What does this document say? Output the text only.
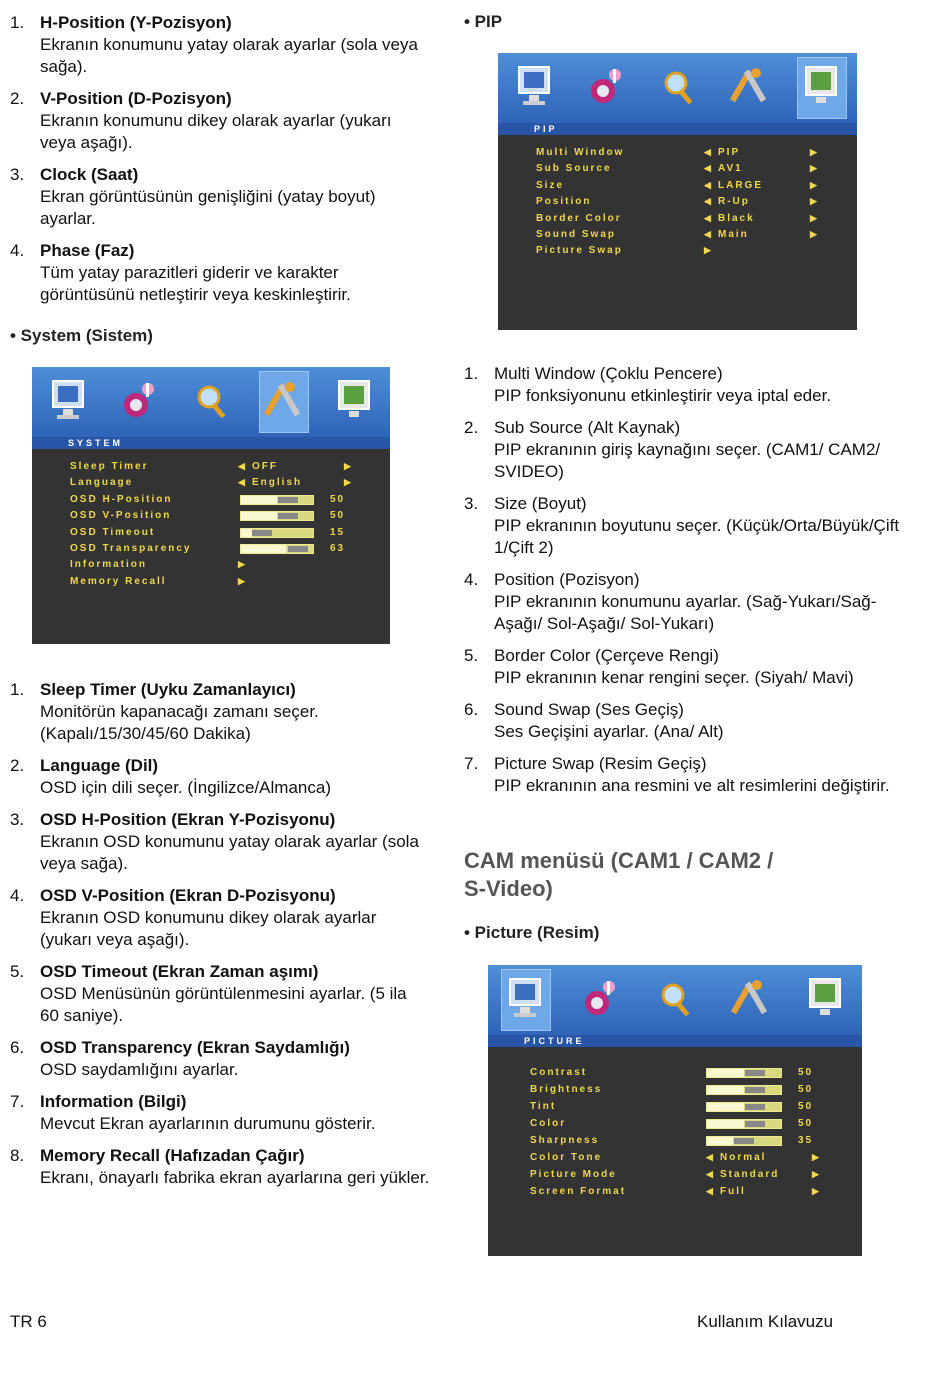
1. H-Position (Y-Pozisyon)
Ekranın konumunu yatay olarak ayarlar (sola veya sağa).
2. V-Position (D-Pozisyon)
Ekranın konumunu dikey olarak ayarlar (yukarı veya aşağı).
3. Clock (Saat)
Ekran görüntüsünün genişliğini (yatay boyut) ayarlar.
4. Phase (Faz)
Tüm yatay parazitleri giderir ve karakter görüntüsünü netleştirir veya keskinleştirir.
• System (Sistem)
SYSTEM
Sleep Timer	◀ OFF	▶
Language	◀ English	▶
OSD H-Position	50
OSD V-Position	50
OSD Timeout	15
OSD Transparency	63
Information	▶
Memory Recall	▶
1. Sleep Timer (Uyku Zamanlayıcı)
Monitörün kapanacağı zamanı seçer. (Kapalı/15/30/45/60 Dakika)
2. Language (Dil)
OSD için dili seçer. (İngilizce/Almanca)
3. OSD H-Position (Ekran Y-Pozisyonu)
Ekranın OSD konumunu yatay olarak ayarlar (sola veya sağa).
4. OSD V-Position (Ekran D-Pozisyonu)
Ekranın OSD konumunu dikey olarak ayarlar (yukarı veya aşağı).
5. OSD Timeout (Ekran Zaman aşımı)
OSD Menüsünün görüntülenmesini ayarlar. (5 ila 60 saniye).
6. OSD Transparency (Ekran Saydamlığı)
OSD saydamlığını ayarlar.
7. Information (Bilgi)
Mevcut Ekran ayarlarının durumunu gösterir.
8. Memory Recall (Hafızadan Çağır)
Ekranı, önayarlı fabrika ekran ayarlarına geri yükler.
• PIP
PIP
Multi Window	◀ PIP	▶
Sub Source	◀ AV1	▶
Size	◀ LARGE	▶
Position	◀ R-Up	▶
Border Color	◀ Black	▶
Sound Swap	◀ Main	▶
Picture Swap	▶
1. Multi Window (Çoklu Pencere)
PIP fonksiyonunu etkinleştirir veya iptal eder.
2. Sub Source (Alt Kaynak)
PIP ekranının giriş kaynağını seçer. (CAM1/ CAM2/ SVIDEO)
3. Size (Boyut)
PIP ekranının boyutunu seçer. (Küçük/Orta/Büyük/Çift 1/Çift 2)
4. Position (Pozisyon)
PIP ekranının konumunu ayarlar. (Sağ-Yukarı/Sağ-Aşağı/ Sol-Aşağı/ Sol-Yukarı)
5. Border Color (Çerçeve Rengi)
PIP ekranının kenar rengini seçer. (Siyah/ Mavi)
6. Sound Swap (Ses Geçiş)
Ses Geçişini ayarlar. (Ana/ Alt)
7. Picture Swap (Resim Geçiş)
PIP ekranının ana resmini ve alt resimlerini değiştirir.
CAM menüsü (CAM1 / CAM2 /
S-Video)
• Picture (Resim)
PICTURE
Contrast	50
Brightness	50
Tint	50
Color	50
Sharpness	35
Color Tone	◀ Normal	▶
Picture Mode	◀ Standard	▶
Screen Format	◀ Full	▶
TR 6	Kullanım Kılavuzu
